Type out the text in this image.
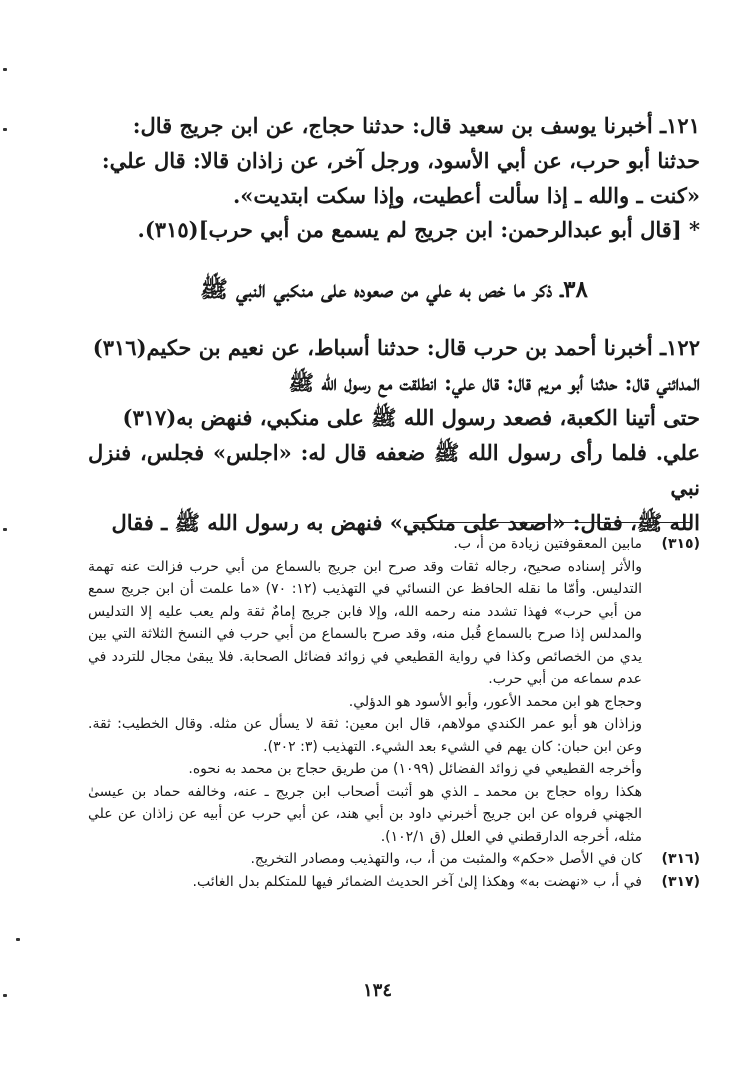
١٢١ـ أخبرنا يوسف بن سعيد قال: حدثنا حجاج، عن ابن جريج قال:

حدثنا أبو حرب، عن أبي الأسود، ورجل آخر، عن زاذان قالا: قال علي:

«كنت ـ والله ـ إذا سألت أعطيت، وإذا سكت ابتديت».

* [قال أبو عبدالرحمن: ابن جريج لم يسمع من أبي حرب](٣١٥).

٣٨ـ ذكر ما خص به علي من صعوده على منكبي النبي ﷺ

١٢٢ـ أخبرنا أحمد بن حرب قال: حدثنا أسباط، عن نعيم بن حكيم(٣١٦)

المدائني قال: حدثنا أبو مريم قال: قال علي: انطلقت مع رسول الله ﷺ

حتى أتينا الكعبة، فصعد رسول الله ﷺ على منكبي، فنهض به(٣١٧)

علي. فلما رأى رسول الله ﷺ ضعفه قال له: «اجلس» فجلس، فنزل نبي

الله ﷺ، فقال: «اصعد على منكبي» فنهض به رسول الله ﷺ ـ فقال

(٣١٥)

مابين المعقوفتين زيادة من أ، ب.

والأثر إسناده صحيح، رجاله ثقات وقد صرح ابن جريج بالسماع من أبي حرب فزالت عنه تهمة التدليس. وأمّا ما نقله الحافظ عن النسائي في التهذيب (١٢: ٧٠) «ما علمت أن ابن جريج سمع من أبي حرب» فهذا تشدد منه رحمه الله، وإلا فابن جريج إمامٌ ثقة ولم يعب عليه إلا التدليس والمدلس إذا صرح بالسماع قُبل منه، وقد صرح بالسماع من أبي حرب في النسخ الثلاثة التي بين يدي من الخصائص وكذا في رواية القطيعي في زوائد فضائل الصحابة. فلا يبقىٰ مجال للتردد في عدم سماعه من أبي حرب.

وحجاج هو ابن محمد الأعور، وأبو الأسود هو الدؤلي.

وزاذان هو أبو عمر الكندي مولاهم، قال ابن معين: ثقة لا يسأل عن مثله. وقال الخطيب: ثقة. وعن ابن حبان: كان يهم في الشيء بعد الشيء. التهذيب (٣: ٣٠٢).

وأخرجه القطيعي في زوائد الفضائل (١٠٩٩) من طريق حجاج بن محمد به نحوه.

هكذا رواه حجاج بن محمد ـ الذي هو أثبت أصحاب ابن جريج ـ عنه، وخالفه حماد بن عيسىٰ الجهني فرواه عن ابن جريج أخبرني داود بن أبي هند، عن أبي حرب عن أبيه عن زاذان عن علي مثله، أخرجه الدارقطني في العلل (ق ١٠٢/١).

(٣١٦)

كان في الأصل «حكم» والمثبت من أ، ب، والتهذيب ومصادر التخريج.

(٣١٧)

في أ، ب «نهضت به» وهكذا إلىٰ آخر الحديث الضمائر فيها للمتكلم بدل الغائب.

١٣٤
